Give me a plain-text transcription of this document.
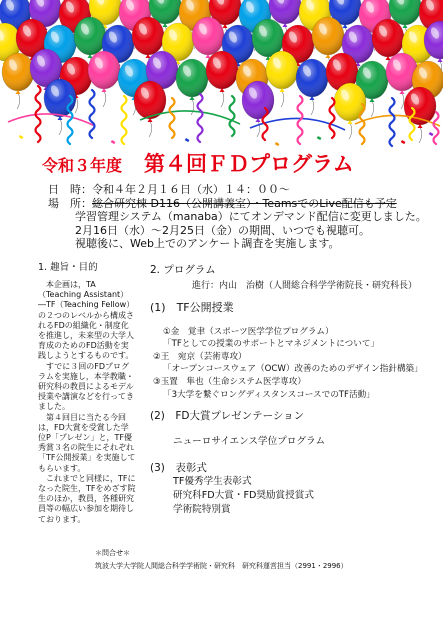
令和３年度 第４回ＦＤプログラム
日　時：令和４年２月１６日（水）１４：００～
場　所：総合研究棟 D116（公開講義室）・TeamsでのLive配信も予定
学習管理システム（manaba）にてオンデマンド配信に変更しました。
2月16日（水）～2月25日（金）の期間、いつでも視聴可。
視聴後に、Web上でのアンケート調査を実施します。
1. 趣旨・目的

本企画は，TA（Teaching Assistant）―TF（Teaching Fellow）の２つのレベルから構成されるFDの組織化・制度化を推進し，未来型の大学人育成のためのFD活動を実践しようとするものです。

すでに３回のFDプログラムを実施し，本学教職・研究科の教員によるモデル授業や講演などを行ってきました。

第４回目に当たる今回は，FD大賞を受賞した学位P「プレゼン」と，TF優秀賞３名の院生にそれぞれ「TF公開授業」を実施してもらいます。

これまでと同様に，TFになった院生，TFをめざす院生のほか，教員，各種研究員等の幅広い参加を期待しております。

2. プログラム
進行：内山　治樹（人間総合科学学術院長・研究科長）
(1)　TF公開授業
①金　覚聿（スポーツ医学学位プログラム）
「TFとしての授業のサポートとマネジメントについて」
②王　宛京（芸術専攻）
「オープンコースウェア（OCW）改善のためのデザイン指針構築」
③玉置　隼也（生命システム医学専攻）
「3大学を繋ぐロングディスタンスコースでのTF活動」
(2)　FD大賞プレゼンテーション
ニューロサイエンス学位プログラム
(3)　表彰式
TF優秀学生表彰式
研究科FD大賞・FD奨励賞授賞式
学術院特別賞
＊問合せ＊
筑波大学大学院人間総合科学学術院・研究科　研究科運営担当（2991・2996）
